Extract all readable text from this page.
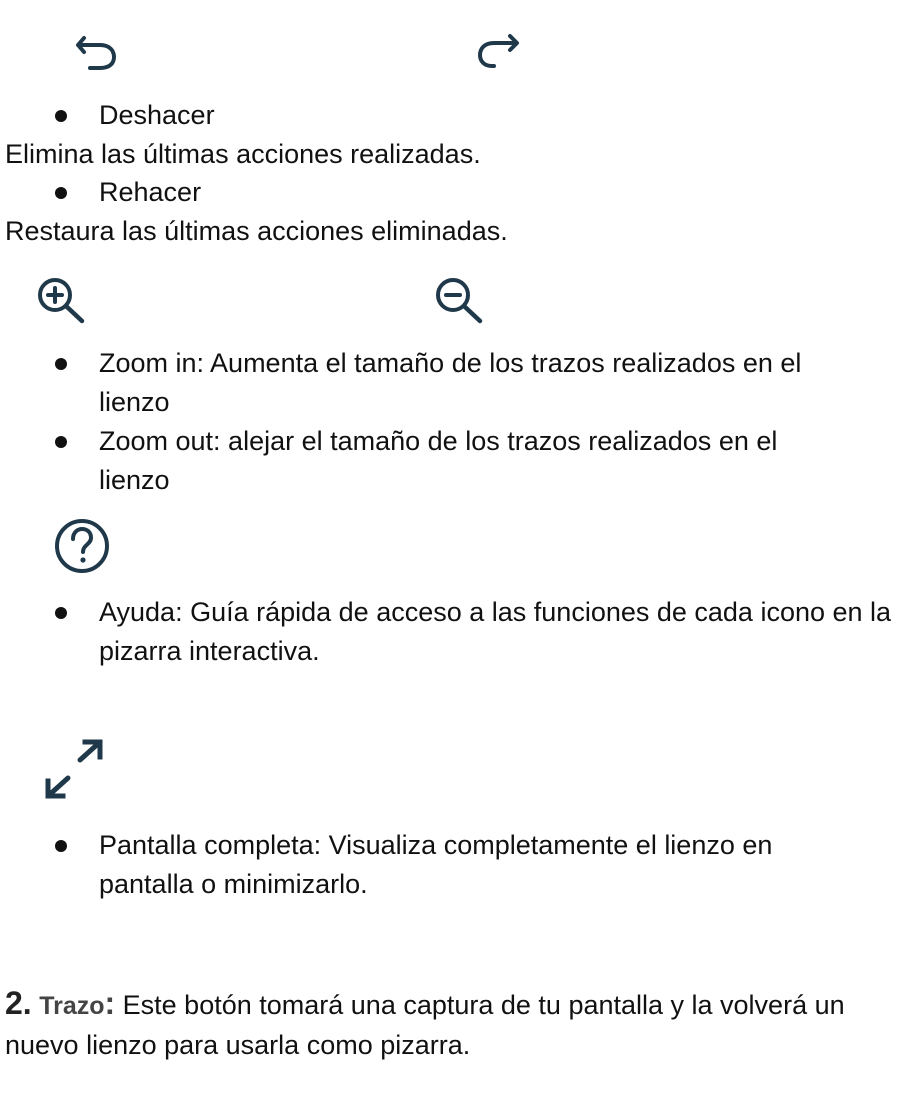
Deshacer
Elimina las últimas acciones realizadas.
Rehacer
Restaura las últimas acciones eliminadas.
Zoom in: Aumenta el tamaño de los trazos realizados en el lienzo
Zoom out: alejar el tamaño de los trazos realizados en el lienzo
Ayuda: Guía rápida de acceso a las funciones de cada icono en la pizarra interactiva.
Pantalla completa: Visualiza completamente el lienzo en pantalla o minimizarlo.
2. Trazo: Este botón tomará una captura de tu pantalla y la volverá un nuevo lienzo para usarla como pizarra.
